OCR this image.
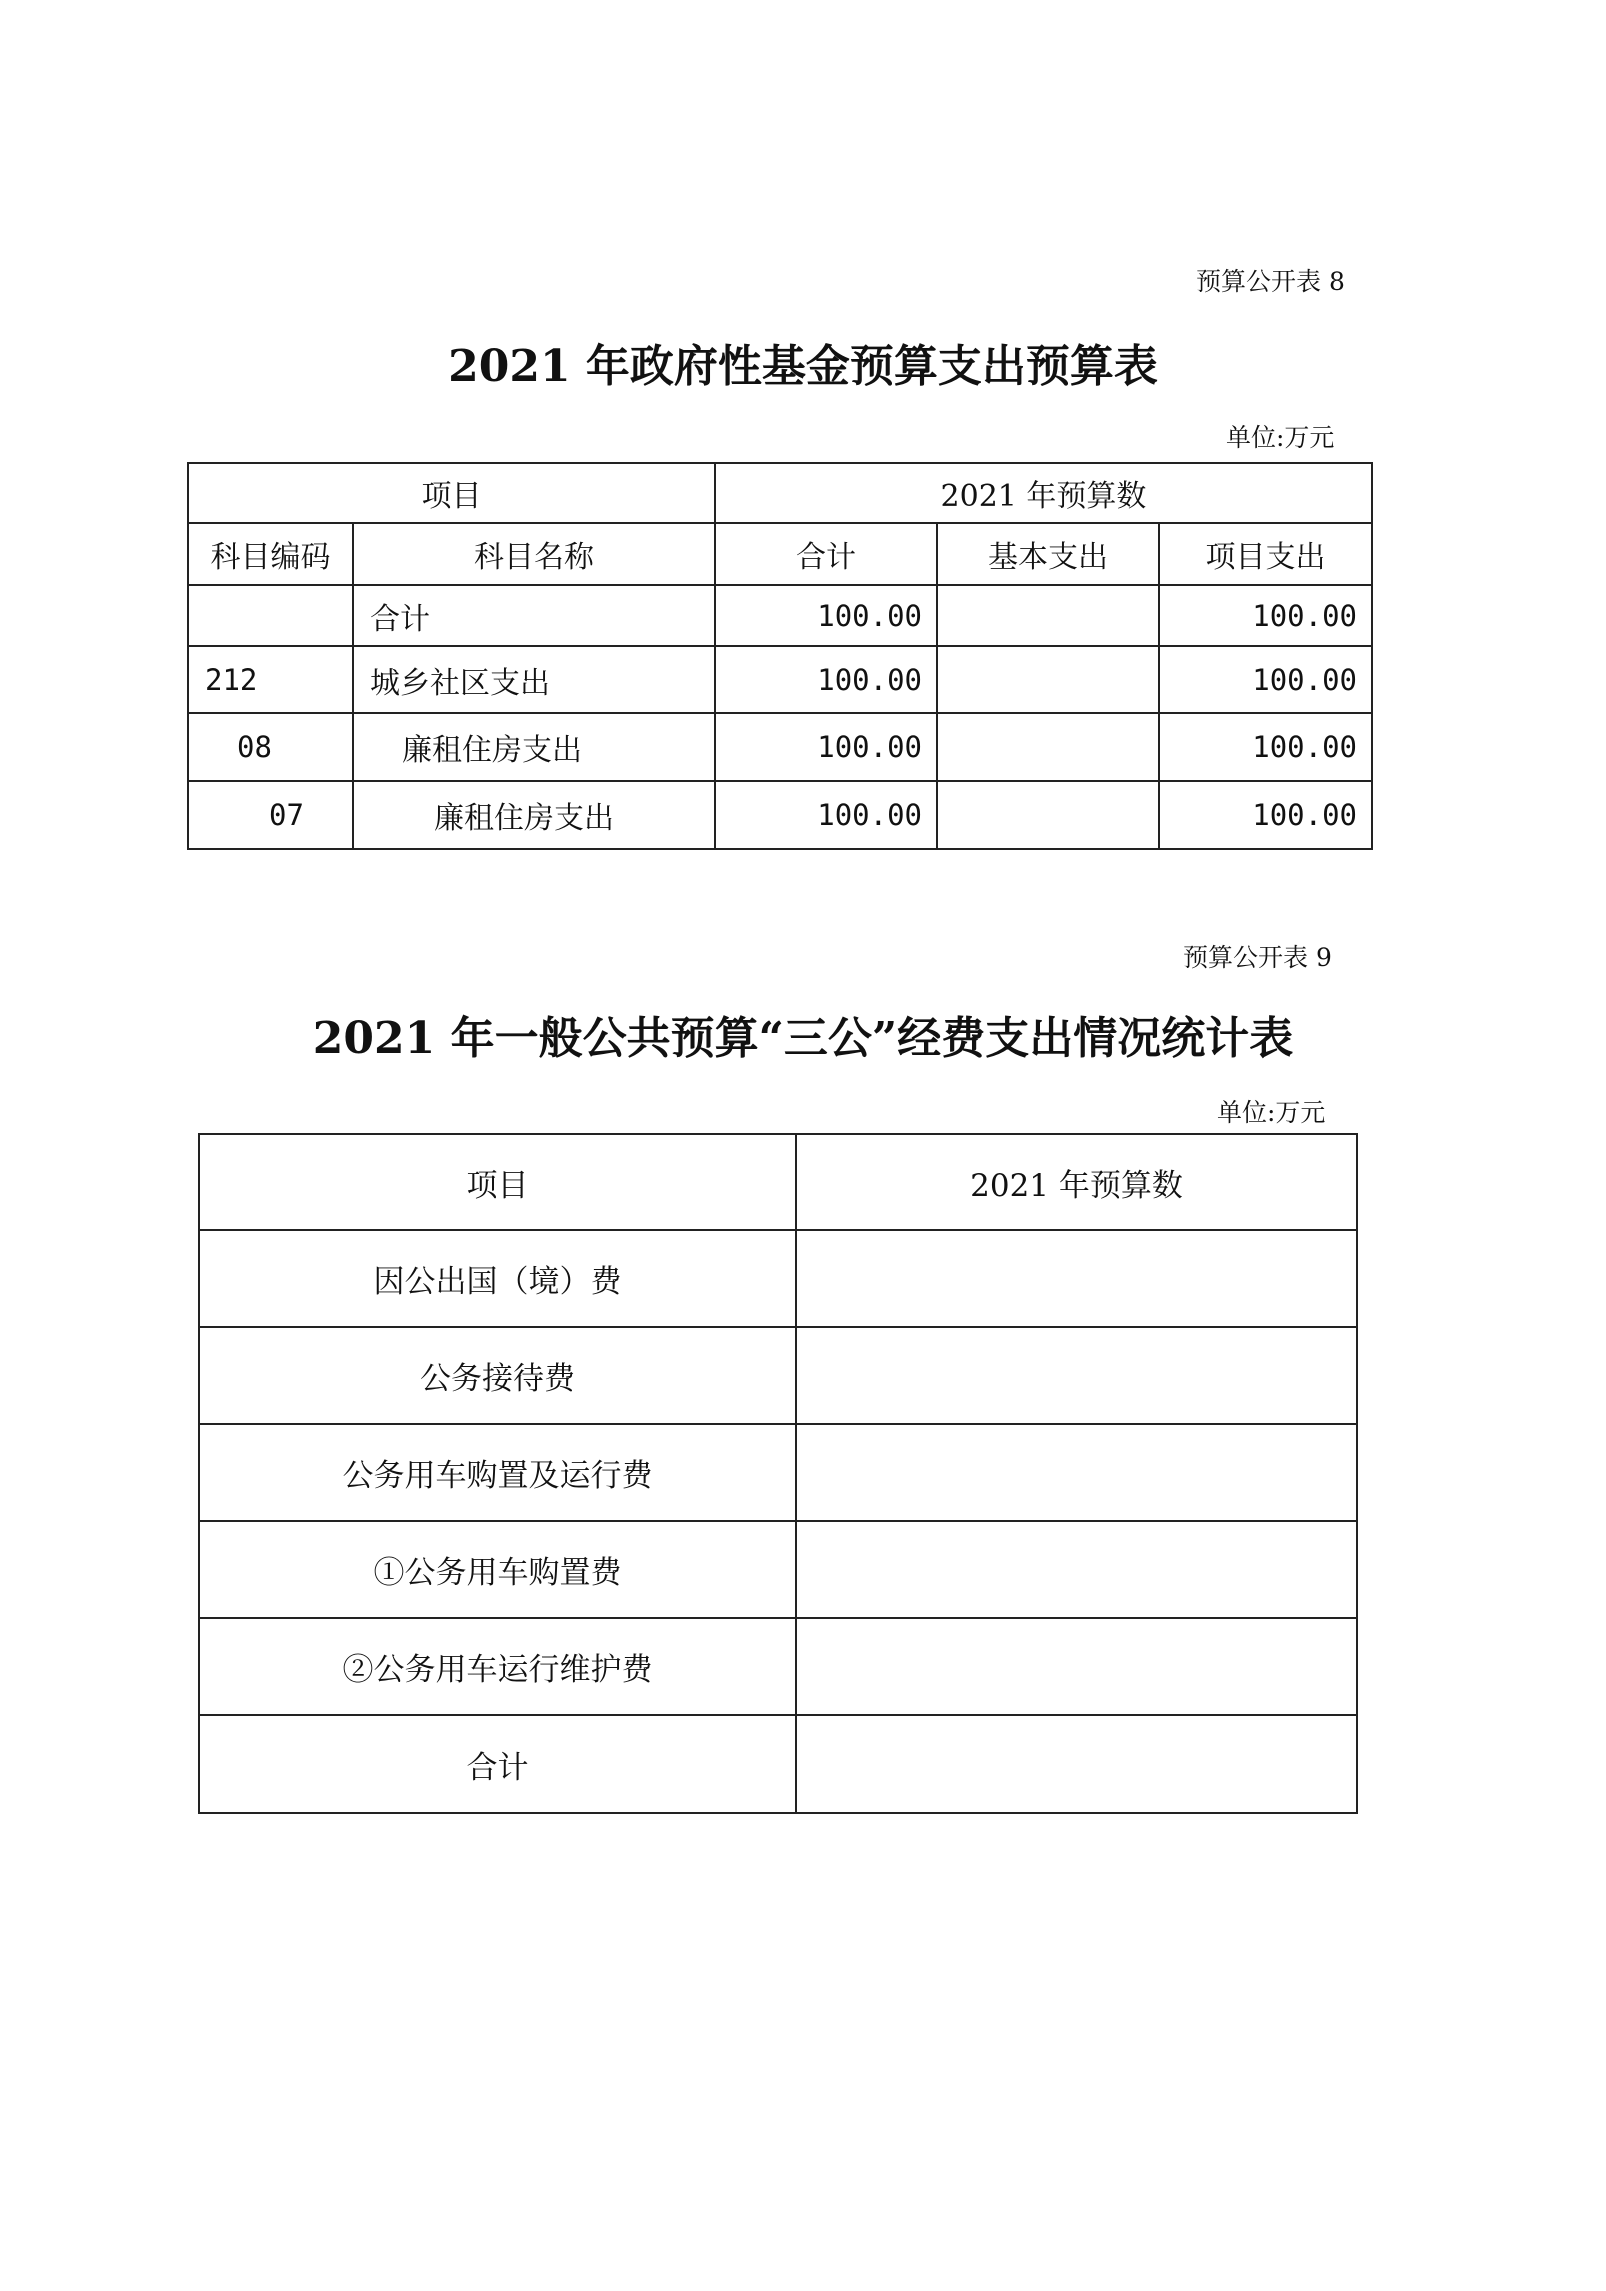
预算公开表 8
2021 年政府性基金预算支出预算表
单位:万元
项目		2021 年预算数		
科目编码	科目名称	合计	基本支出	项目支出
	合计	100.00		100.00
212	城乡社区支出	100.00		100.00
08	廉租住房支出	100.00		100.00
07	廉租住房支出	100.00		100.00
预算公开表 9
2021 年一般公共预算“三公”经费支出情况统计表
单位:万元
项目	2021 年预算数
因公出国（境）费	
公务接待费	
公务用车购置及运行费	
①公务用车购置费	
②公务用车运行维护费	
合计	
